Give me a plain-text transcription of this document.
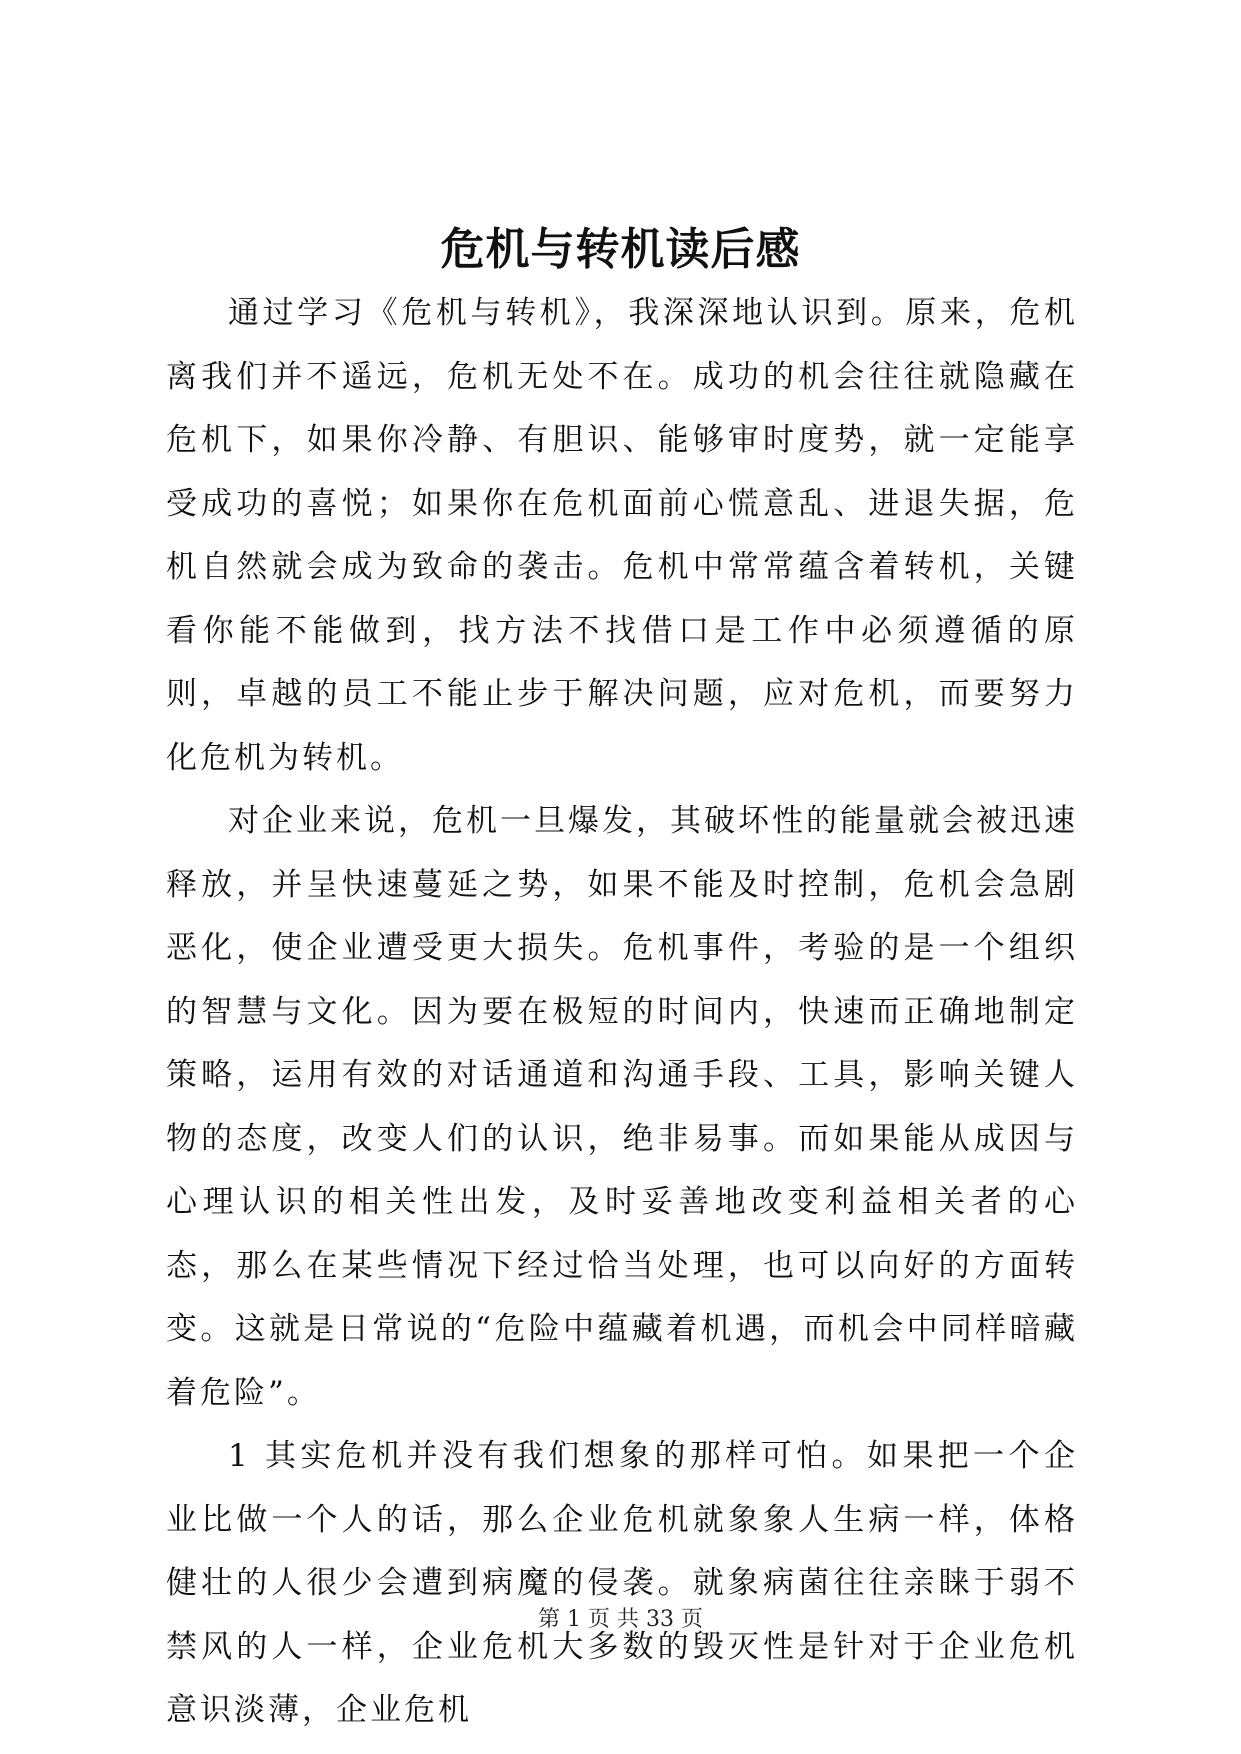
危机与转机读后感

通过学习《危机与转机》，我深深地认识到。原来，危机离我们并不遥远，危机无处不在。成功的机会往往就隐藏在危机下，如果你冷静、有胆识、能够审时度势，就一定能享受成功的喜悦；如果你在危机面前心慌意乱、进退失据，危机自然就会成为致命的袭击。危机中常常蕴含着转机，关键看你能不能做到，找方法不找借口是工作中必须遵循的原则，卓越的员工不能止步于解决问题，应对危机，而要努力化危机为转机。

对企业来说，危机一旦爆发，其破坏性的能量就会被迅速释放，并呈快速蔓延之势，如果不能及时控制，危机会急剧恶化，使企业遭受更大损失。危机事件，考验的是一个组织的智慧与文化。因为要在极短的时间内，快速而正确地制定策略，运用有效的对话通道和沟通手段、工具，影响关键人物的态度，改变人们的认识，绝非易事。而如果能从成因与心理认识的相关性出发，及时妥善地改变利益相关者的心态，那么在某些情况下经过恰当处理，也可以向好的方面转变。这就是日常说的“危险中蕴藏着机遇，而机会中同样暗藏着危险”。

1 其实危机并没有我们想象的那样可怕。如果把一个企业比做一个人的话，那么企业危机就象象人生病一样，体格健壮的人很少会遭到病魔的侵袭。就象病菌往往亲睐于弱不禁风的人一样，企业危机大多数的毁灭性是针对于企业危机意识淡薄，企业危机

第 1 页 共 33 页
